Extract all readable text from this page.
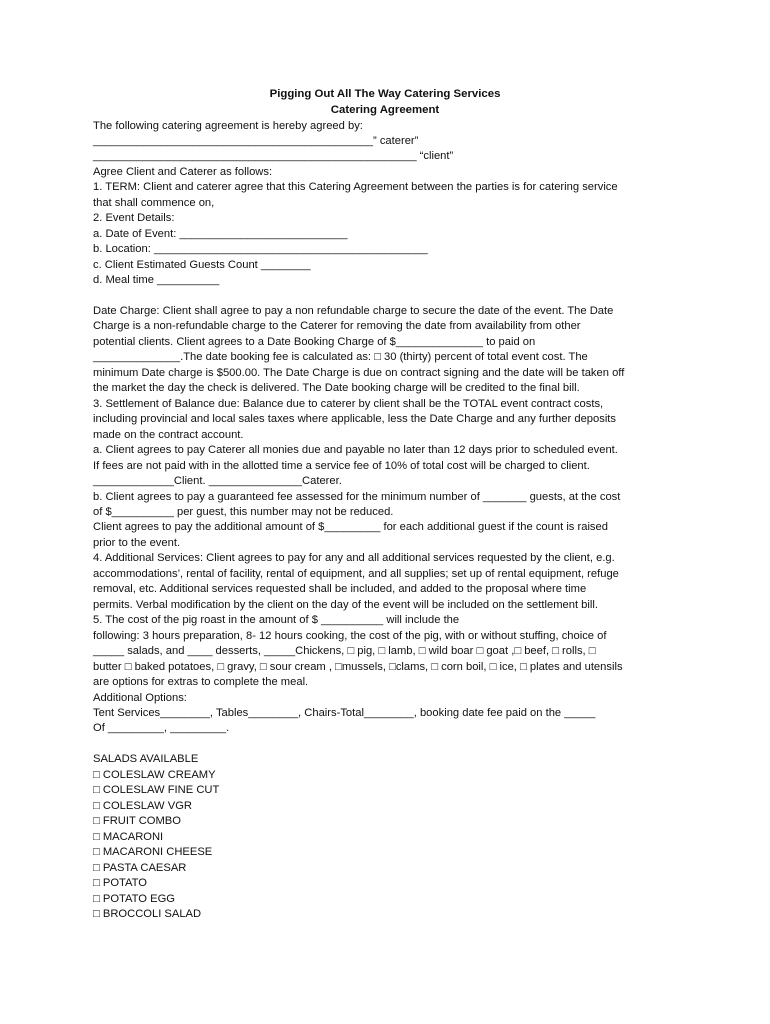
Pigging Out All The Way Catering Services
Catering Agreement
The following catering agreement is hereby agreed by:
_____________________________________________” caterer”
____________________________________________________ “client”
Agree Client and Caterer as follows:
1. TERM: Client and caterer agree that this Catering Agreement between the parties is for catering service
that shall commence on,
2. Event Details:
a. Date of Event: ___________________________
b. Location: ____________________________________________
c. Client Estimated Guests Count ________
d. Meal time __________
Date Charge: Client shall agree to pay a non refundable charge to secure the date of the event. The Date
Charge is a non-refundable charge to the Caterer for removing the date from availability from other
potential clients. Client agrees to a Date Booking Charge of $______________ to paid on
______________.The date booking fee is calculated as: □ 30 (thirty) percent of total event cost. The
minimum Date charge is $500.00. The Date Charge is due on contract signing and the date will be taken off
the market the day the check is delivered. The Date booking charge will be credited to the final bill.
3. Settlement of Balance due: Balance due to caterer by client shall be the TOTAL event contract costs,
including provincial and local sales taxes where applicable, less the Date Charge and any further deposits
made on the contract account.
a. Client agrees to pay Caterer all monies due and payable no later than 12 days prior to scheduled event.
If fees are not paid with in the allotted time a service fee of 10% of total cost will be charged to client.
_____________Client. _______________Caterer.
b. Client agrees to pay a guaranteed fee assessed for the minimum number of _______ guests, at the cost
of $__________ per guest, this number may not be reduced.
Client agrees to pay the additional amount of $_________ for each additional guest if the count is raised
prior to the event.
4. Additional Services: Client agrees to pay for any and all additional services requested by the client, e.g.
accommodations’, rental of facility, rental of equipment, and all supplies; set up of rental equipment, refuge
removal, etc. Additional services requested shall be included, and added to the proposal where time
permits. Verbal modification by the client on the day of the event will be included on the settlement bill.
5. The cost of the pig roast in the amount of $ __________ will include the
following: 3 hours preparation, 8- 12 hours cooking, the cost of the pig, with or without stuffing, choice of
_____ salads, and ____ desserts, _____Chickens, □ pig, □ lamb, □ wild boar □ goat ,□ beef, □ rolls, □
butter □ baked potatoes, □ gravy, □ sour cream , □mussels, □clams, □ corn boil, □ ice, □ plates and utensils
are options for extras to complete the meal.
Additional Options:
Tent Services________, Tables________, Chairs-Total________, booking date fee paid on the _____
Of _________, _________.
SALADS AVAILABLE
□ COLESLAW CREAMY
□ COLESLAW FINE CUT
□ COLESLAW VGR
□ FRUIT COMBO
□ MACARONI
□ MACARONI CHEESE
□ PASTA CAESAR
□ POTATO
□ POTATO EGG
□ BROCCOLI SALAD
